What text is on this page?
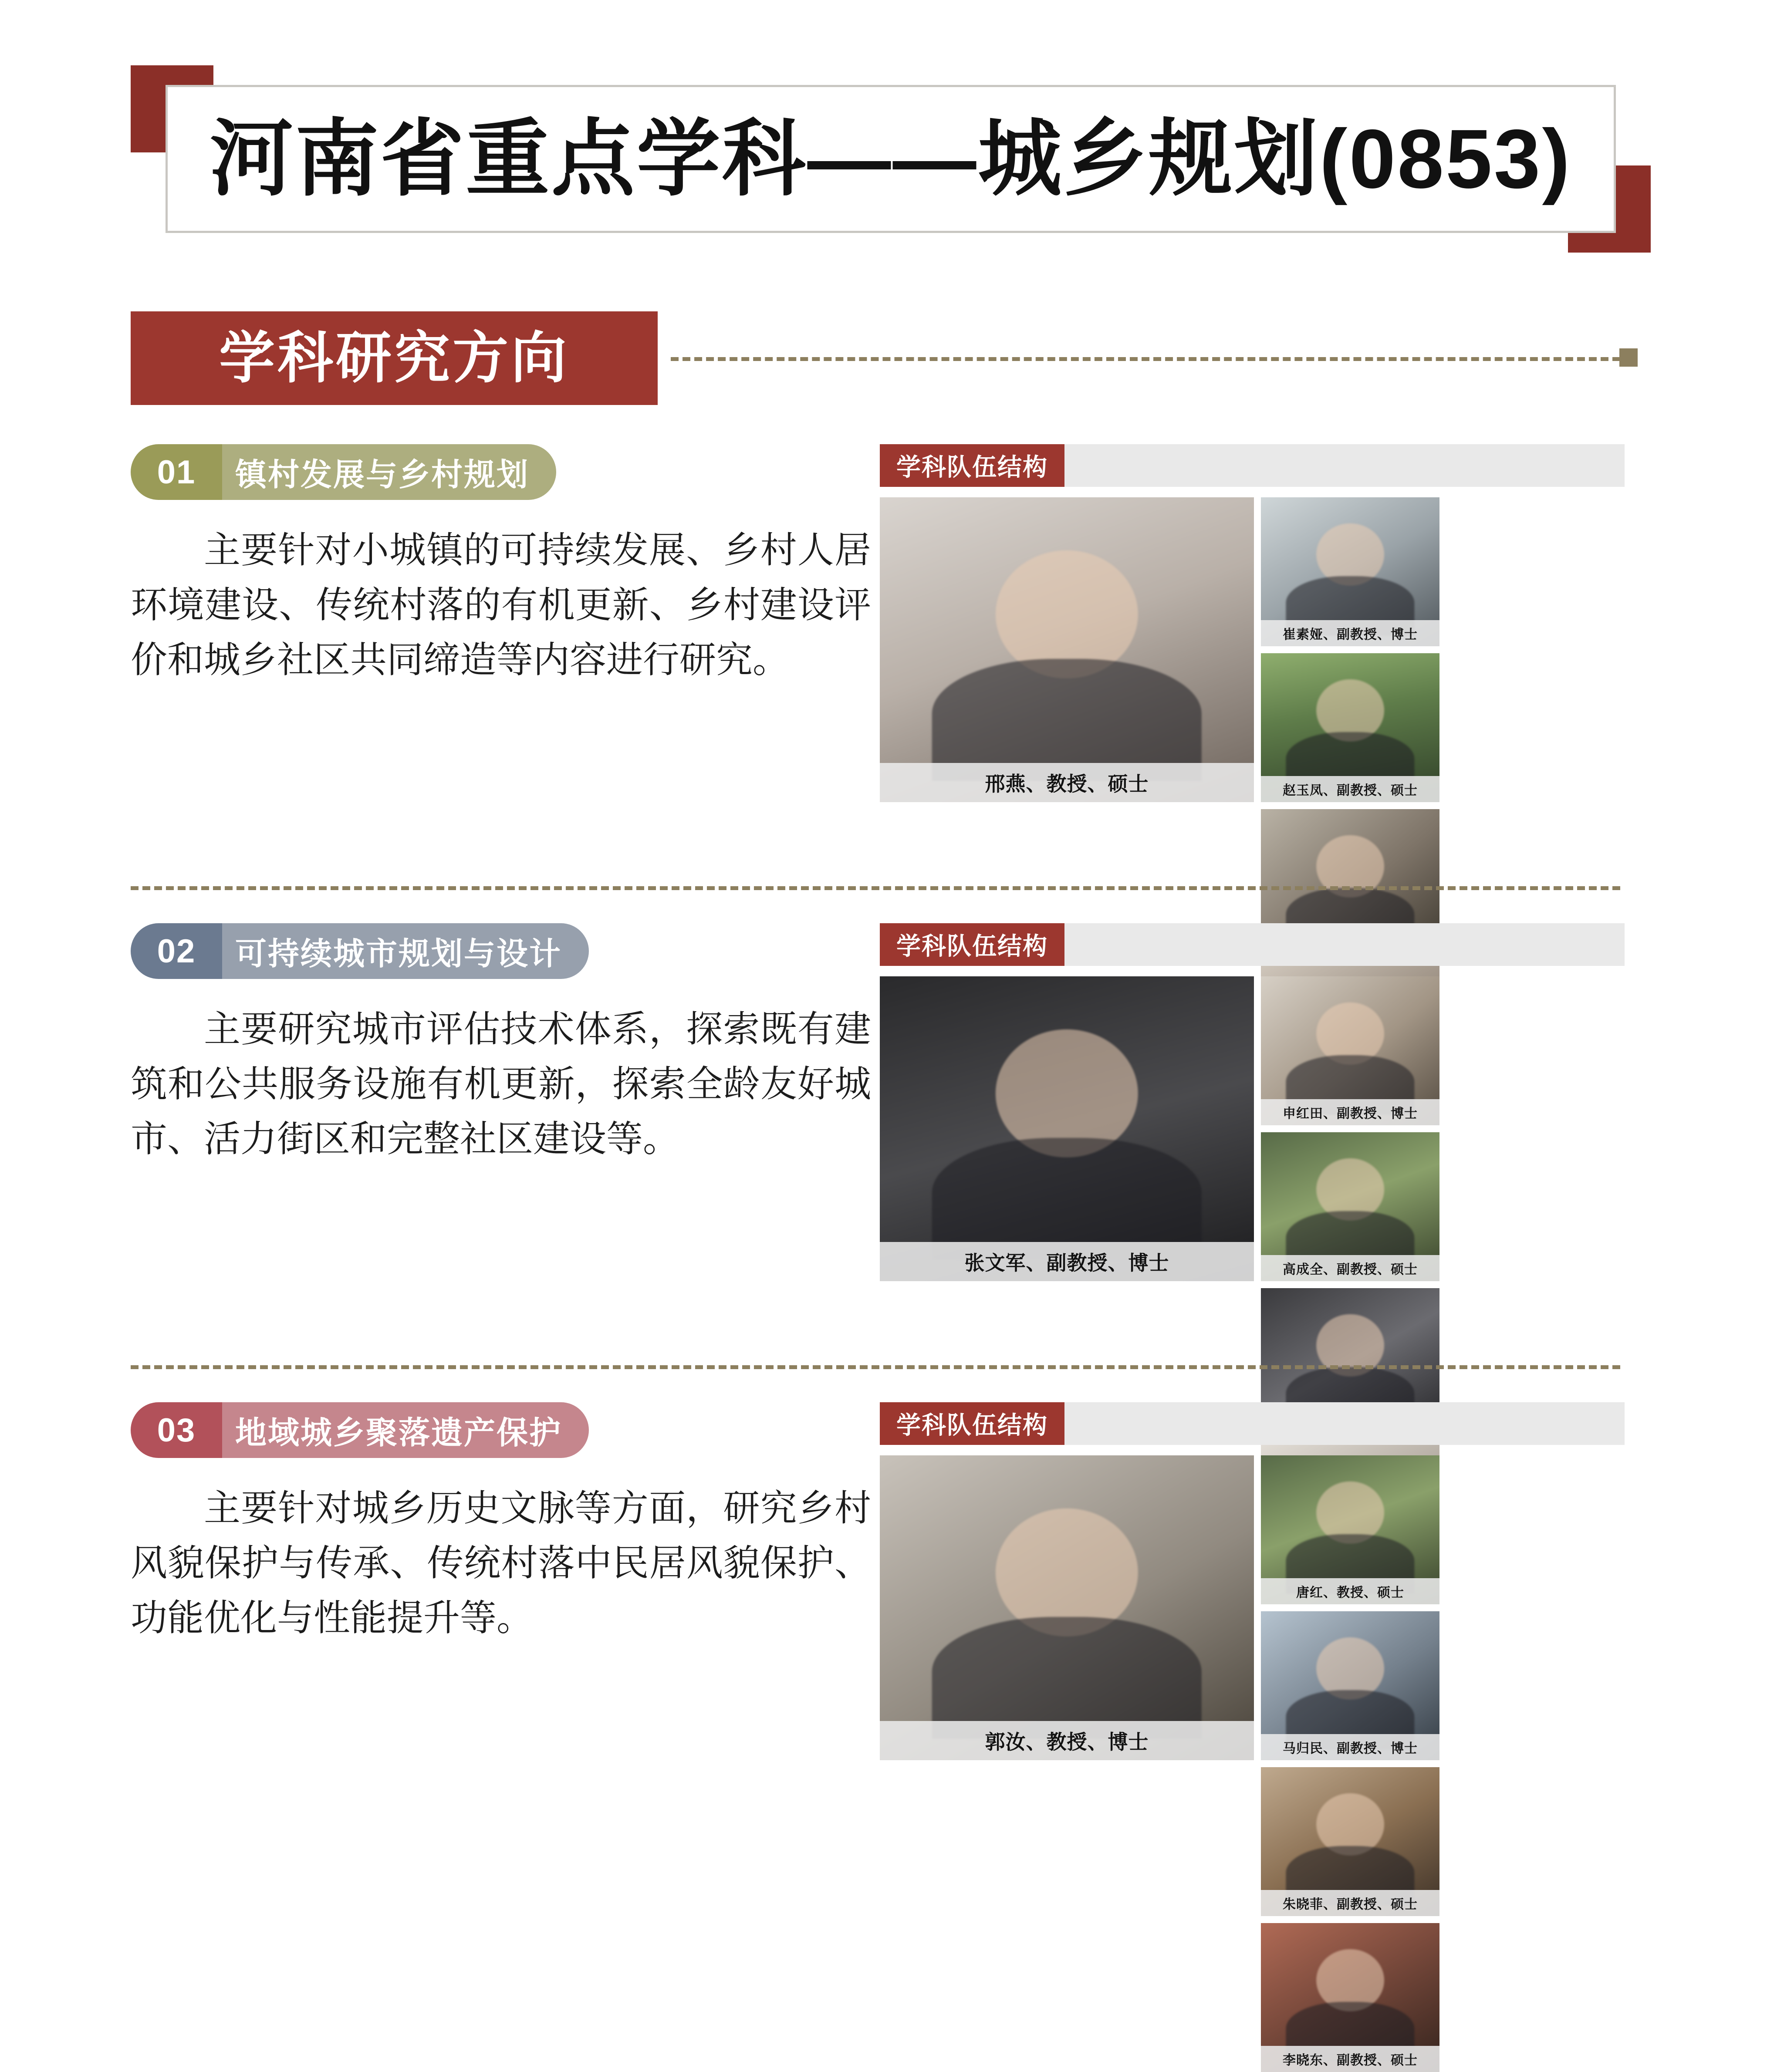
河南省重点学科——城乡规划(0853)
学科研究方向
01	镇村发展与乡村规划
主要针对小城镇的可持续发展、乡村人居环境建设、传统村落的有机更新、乡村建设评价和城乡社区共同缔造等内容进行研究。
学科队伍结构
邢燕、教授、硕士
崔素娅、副教授、博士
赵玉凤、副教授、硕士
02	可持续城市规划与设计
主要研究城市评估技术体系，探索既有建筑和公共服务设施有机更新，探索全龄友好城市、活力街区和完整社区建设等。
学科队伍结构
张文军、副教授、博士
申红田、副教授、博士
高成全、副教授、硕士
03	地域城乡聚落遗产保护
主要针对城乡历史文脉等方面，研究乡村风貌保护与传承、传统村落中民居风貌保护、功能优化与性能提升等。
学科队伍结构
郭汝、教授、博士
唐红、教授、硕士
马归民、副教授、博士
朱晓菲、副教授、硕士
李晓东、副教授、硕士
